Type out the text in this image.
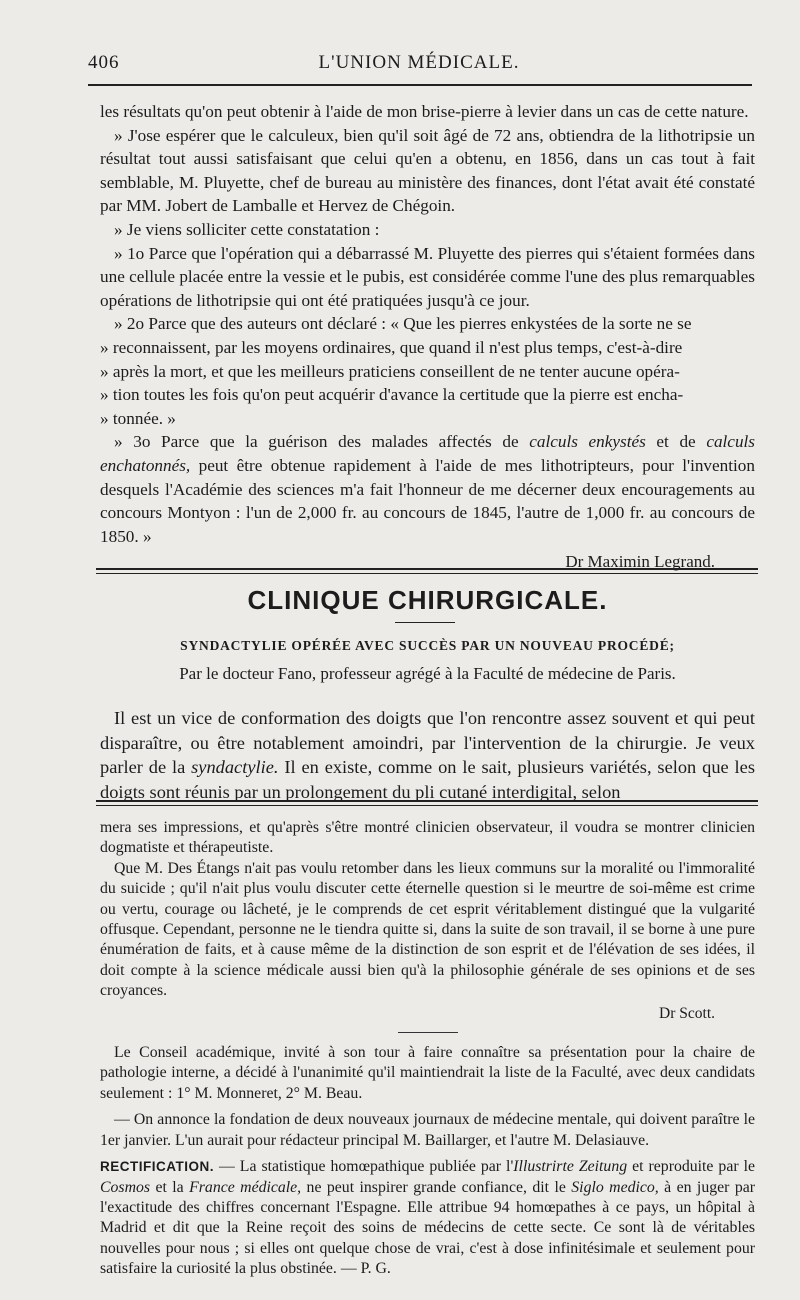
406	L'UNION MÉDICALE.

les résultats qu'on peut obtenir à l'aide de mon brise-pierre à levier dans un cas de cette nature.

» J'ose espérer que le calculeux, bien qu'il soit âgé de 72 ans, obtiendra de la lithotripsie un résultat tout aussi satisfaisant que celui qu'en a obtenu, en 1856, dans un cas tout à fait semblable, M. Pluyette, chef de bureau au ministère des finances, dont l'état avait été constaté par MM. Jobert de Lamballe et Hervez de Chégoin.

» Je viens solliciter cette constatation :

» 1o Parce que l'opération qui a débarrassé M. Pluyette des pierres qui s'étaient formées dans une cellule placée entre la vessie et le pubis, est considérée comme l'une des plus remarquables opérations de lithotripsie qui ont été pratiquées jusqu'à ce jour.

» 2o Parce que des auteurs ont déclaré : « Que les pierres enkystées de la sorte ne se

» reconnaissent, par les moyens ordinaires, que quand il n'est plus temps, c'est-à-dire

» après la mort, et que les meilleurs praticiens conseillent de ne tenter aucune opéra-

» tion toutes les fois qu'on peut acquérir d'avance la certitude que la pierre est encha-

» tonnée. »

» 3o Parce que la guérison des malades affectés de calculs enkystés et de calculs enchatonnés, peut être obtenue rapidement à l'aide de mes lithotripteurs, pour l'invention desquels l'Académie des sciences m'a fait l'honneur de me décerner deux encouragements au concours Montyon : l'un de 2,000 fr. au concours de 1845, l'autre de 1,000 fr. au concours de 1850. »

Dr Maximin Legrand.
CLINIQUE CHIRURGICALE.
SYNDACTYLIE OPÉRÉE AVEC SUCCÈS PAR UN NOUVEAU PROCÉDÉ;
Par le docteur Fano, professeur agrégé à la Faculté de médecine de Paris.

Il est un vice de conformation des doigts que l'on rencontre assez souvent et qui peut disparaître, ou être notablement amoindri, par l'intervention de la chirurgie. Je veux parler de la syndactylie. Il en existe, comme on le sait, plusieurs variétés, selon que les doigts sont réunis par un prolongement du pli cutané interdigital, selon

mera ses impressions, et qu'après s'être montré clinicien observateur, il voudra se montrer clinicien dogmatiste et thérapeutiste.

Que M. Des Étangs n'ait pas voulu retomber dans les lieux communs sur la moralité ou l'immoralité du suicide ; qu'il n'ait plus voulu discuter cette éternelle question si le meurtre de soi-même est crime ou vertu, courage ou lâcheté, je le comprends de cet esprit véritablement distingué que la vulgarité offusque. Cependant, personne ne le tiendra quitte si, dans la suite de son travail, il se borne à une pure énumération de faits, et à cause même de la distinction de son esprit et de l'élévation de ses idées, il doit compte à la science médicale aussi bien qu'à la philosophie générale de ses opinions et de ses croyances.

Dr Scott.

Le Conseil académique, invité à son tour à faire connaître sa présentation pour la chaire de pathologie interne, a décidé à l'unanimité qu'il maintiendrait la liste de la Faculté, avec deux candidats seulement : 1° M. Monneret, 2° M. Beau.

— On annonce la fondation de deux nouveaux journaux de médecine mentale, qui doivent paraître le 1er janvier. L'un aurait pour rédacteur principal M. Baillarger, et l'autre M. Delasiauve.

RECTIFICATION. — La statistique homœpathique publiée par l'Illustrirte Zeitung et reproduite par le Cosmos et la France médicale, ne peut inspirer grande confiance, dit le Siglo medico, à en juger par l'exactitude des chiffres concernant l'Espagne. Elle attribue 94 homœpathes à ce pays, un hôpital à Madrid et dit que la Reine reçoit des soins de médecins de cette secte. Ce sont là de véritables nouvelles pour nous ; si elles ont quelque chose de vrai, c'est à dose infinitésimale et seulement pour satisfaire la curiosité la plus obstinée. — P. G.
